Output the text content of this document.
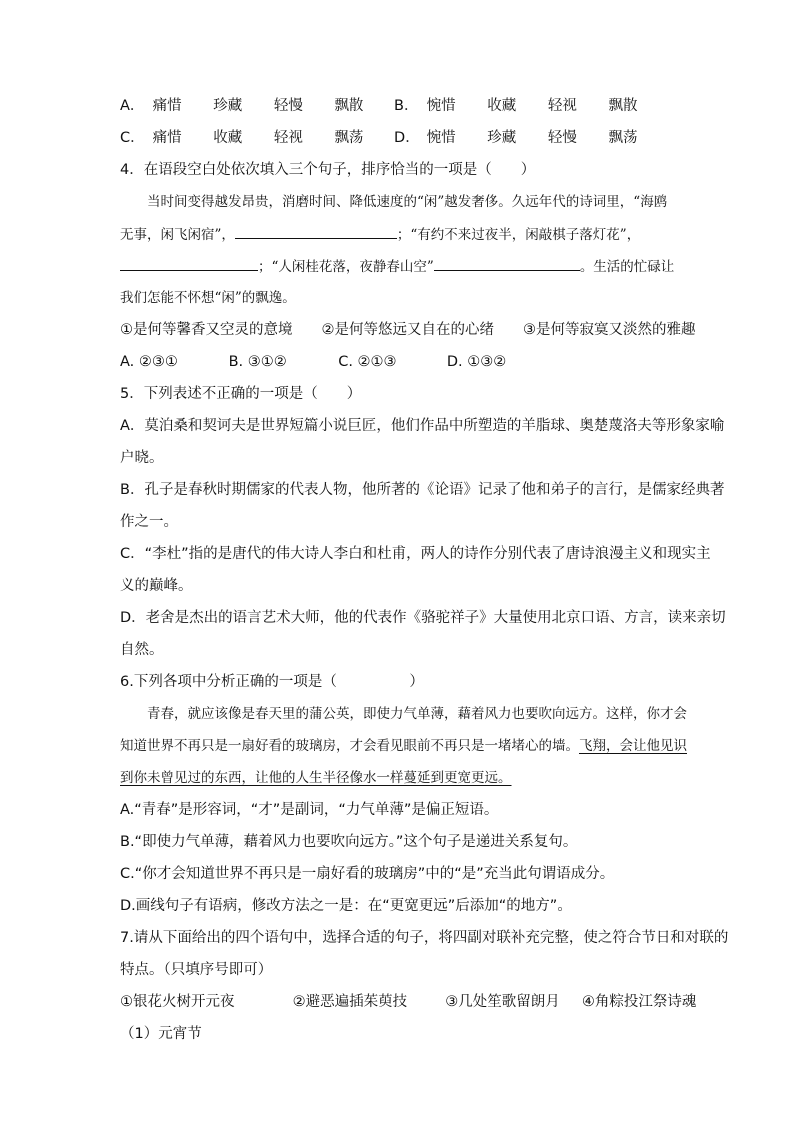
A． 痛惜 珍藏 轻慢 飘散 B． 惋惜 收藏 轻视 飘散
C． 痛惜 收藏 轻视 飘荡 D． 惋惜 珍藏 轻慢 飘荡
4．在语段空白处依次填入三个句子，排序恰当的一项是（　　）
当时间变得越发昂贵，消磨时间、降低速度的“闲”越发奢侈。久远年代的诗词里，“海鸥
无事，闲飞闲宿”，	；“有约不来过夜半，闲敲棋子落灯花”，
；“人闲桂花落，夜静春山空”	。生活的忙碌让
我们怎能不怀想“闲”的飘逸。
①是何等馨香又空灵的意境　　②是何等悠远又自在的心绪　　③是何等寂寞又淡然的雅趣
A. ②③①	B. ③①②	C. ②①③	D. ①③②
5．下列表述不正确的一项是（　　）
A．莫泊桑和契诃夫是世界短篇小说巨匠，他们作品中所塑造的羊脂球、奥楚蔑洛夫等形象家喻
户晓。
B．孔子是春秋时期儒家的代表人物，他所著的《论语》记录了他和弟子的言行，是儒家经典著
作之一。
C．“李杜”指的是唐代的伟大诗人李白和杜甫，两人的诗作分别代表了唐诗浪漫主义和现实主
义的巅峰。
D．老舍是杰出的语言艺术大师，他的代表作《骆驼祥子》大量使用北京口语、方言，读来亲切
自然。
6.下列各项中分析正确的一项是（　　　　　）
青春，就应该像是春天里的蒲公英，即使力气单薄，藉着风力也要吹向远方。这样，你才会
知道世界不再只是一扇好看的玻璃房，才会看见眼前不再只是一堵堵心的墙。飞翔，会让他见识
到你未曾见过的东西，让他的人生半径像水一样蔓延到更宽更远。
A.“青春”是形容词，“才”是副词，“力气单薄”是偏正短语。
B.“即使力气单薄，藉着风力也要吹向远方。”这个句子是递进关系复句。
C.“你才会知道世界不再只是一扇好看的玻璃房”中的“是”充当此句谓语成分。
D.画线句子有语病，修改方法之一是：在“更宽更远”后添加“的地方”。
7.请从下面给出的四个语句中，选择合适的句子，将四副对联补充完整，使之符合节日和对联的
特点。（只填序号即可）
①银花火树开元夜	②避恶遍插茱萸技	③几处笙歌留朗月 ④角粽投江祭诗魂
（1）元宵节
